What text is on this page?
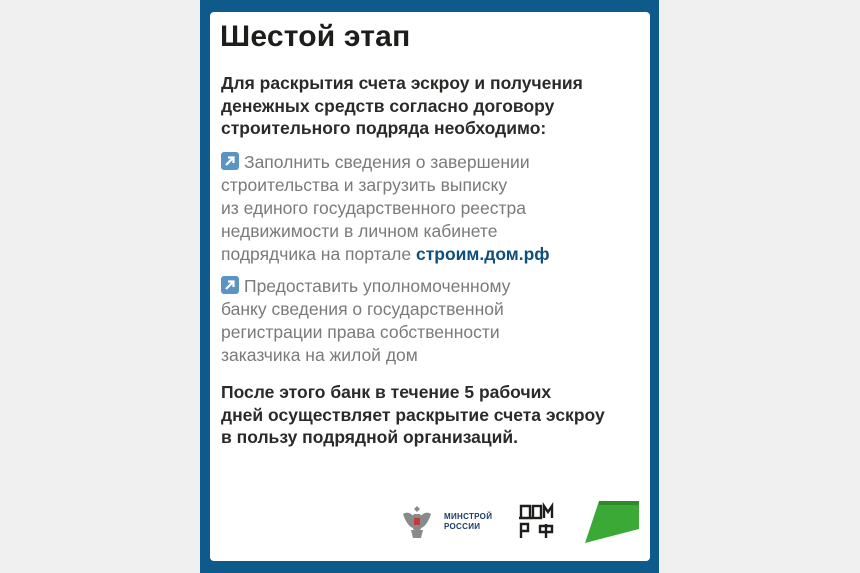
Шестой этап
Для раскрытия счета эскроу и получения
денежных средств согласно договору
строительного подряда необходимо:
Заполнить сведения о завершении
строительства и загрузить выписку
из единого государственного реестра
недвижимости в личном кабинете
подрядчика на портале строим.дом.рф
Предоставить уполномоченному
банку сведения о государственной
регистрации права собственности
заказчика на жилой дом
После этого банк в течение 5 рабочих
дней осуществляет раскрытие счета эскроу
в пользу подрядной организаций.
МИНСТРОЙ
РОССИИ
